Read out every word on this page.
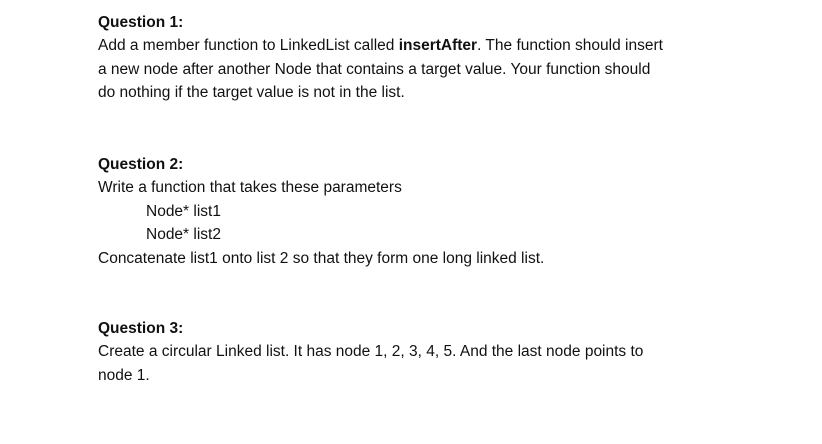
Question 1:

Add a member function to LinkedList called insertAfter. The function should insert

a new node after another Node that contains a target value. Your function should

do nothing if the target value is not in the list.

Question 2:

Write a function that takes these parameters

Node* list1

Node* list2

Concatenate list1 onto list 2 so that they form one long linked list.

Question 3:

Create a circular Linked list. It has node 1, 2, 3, 4, 5. And the last node points to

node 1.
